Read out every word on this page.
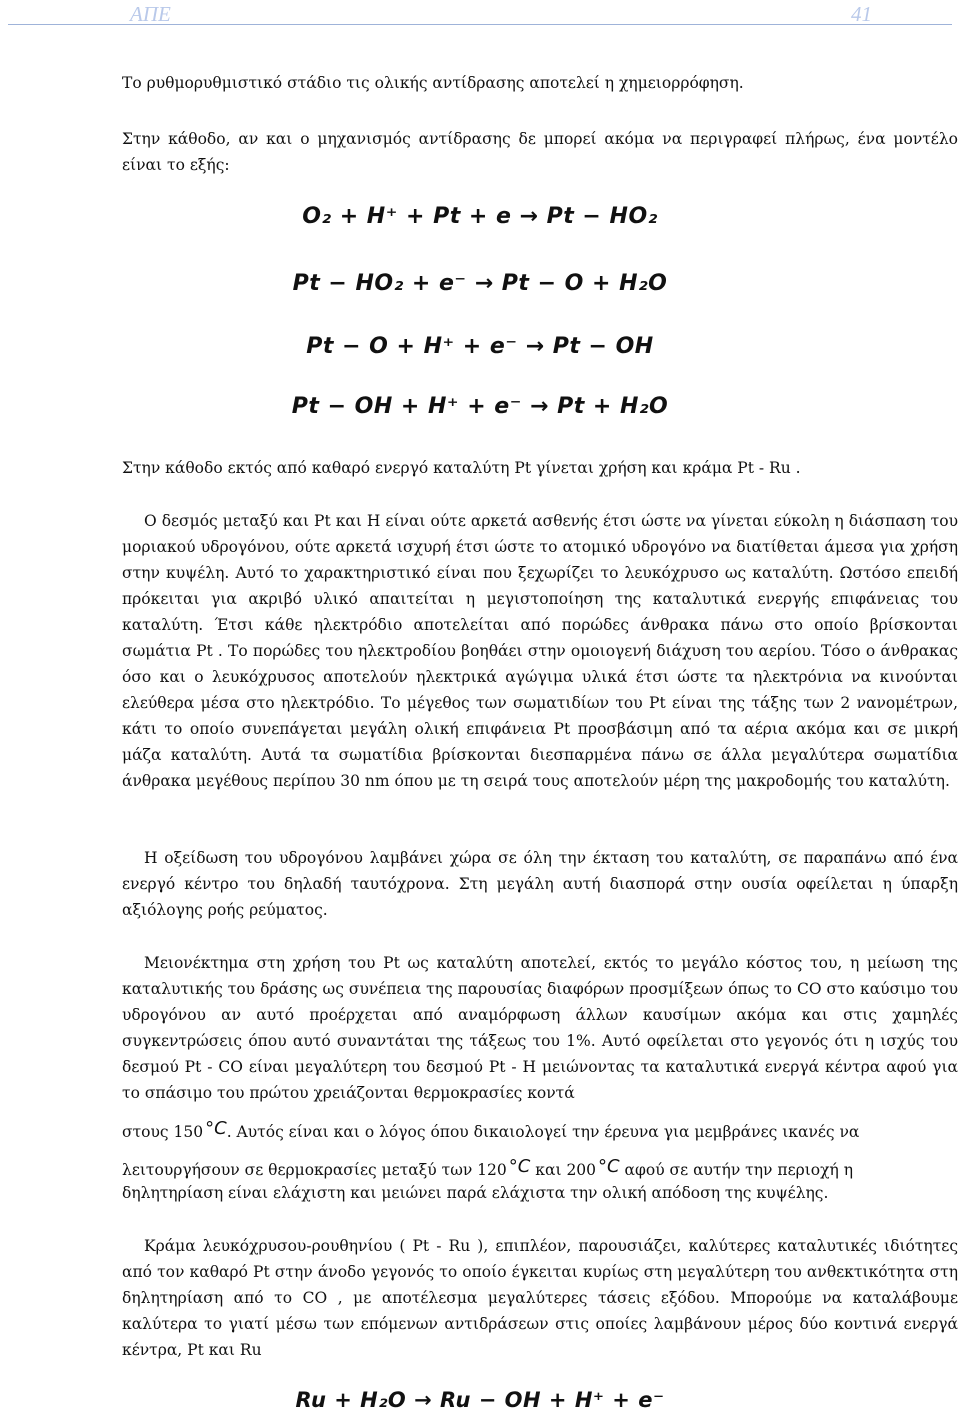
ΑΠΕ	41

Το ρυθμορυθμιστικό στάδιο τις ολικής αντίδρασης αποτελεί η χημειορρόφηση.

Στην κάθοδο, αν και ο μηχανισμός αντίδρασης δε μπορεί ακόμα να περιγραφεί πλήρως, ένα μοντέλο είναι το εξής:

O₂ + H⁺ + Pt + e → Pt − HO₂
Pt − HO₂ + e⁻ → Pt − O + H₂O
Pt − O + H⁺ + e⁻ → Pt − OH
Pt − OH + H⁺ + e⁻ → Pt + H₂O

Στην κάθοδο εκτός από καθαρό ενεργό καταλύτη Pt γίνεται χρήση και κράμα Pt - Ru .

Ο δεσμός μεταξύ και Pt και Η είναι ούτε αρκετά ασθενής έτσι ώστε να γίνεται εύκολη η διάσπαση του μοριακού υδρογόνου, ούτε αρκετά ισχυρή έτσι ώστε το ατομικό υδρογόνο να διατίθεται άμεσα για χρήση στην κυψέλη. Αυτό το χαρακτηριστικό είναι που ξεχωρίζει το λευκόχρυσο ως καταλύτη. Ωστόσο επειδή πρόκειται για ακριβό υλικό απαιτείται η μεγιστοποίηση της καταλυτικά ενεργής επιφάνειας του καταλύτη. Έτσι κάθε ηλεκτρόδιο αποτελείται από πορώδες άνθρακα πάνω στο οποίο βρίσκονται σωμάτια Pt . Το πορώδες του ηλεκτροδίου βοηθάει στην ομοιογενή διάχυση του αερίου. Τόσο ο άνθρακας όσο και ο λευκόχρυσος αποτελούν ηλεκτρικά αγώγιμα υλικά έτσι ώστε τα ηλεκτρόνια να κινούνται ελεύθερα μέσα στο ηλεκτρόδιο. Το μέγεθος των σωματιδίων του Pt είναι της τάξης των 2 νανομέτρων, κάτι το οποίο συνεπάγεται μεγάλη ολική επιφάνεια Pt προσβάσιμη από τα αέρια ακόμα και σε μικρή μάζα καταλύτη. Αυτά τα σωματίδια βρίσκονται διεσπαρμένα πάνω σε άλλα μεγαλύτερα σωματίδια άνθρακα μεγέθους περίπου 30 nm όπου με τη σειρά τους αποτελούν μέρη της μακροδομής του καταλύτη.

Η οξείδωση του υδρογόνου λαμβάνει χώρα σε όλη την έκταση του καταλύτη, σε παραπάνω από ένα ενεργό κέντρο του δηλαδή ταυτόχρονα. Στη μεγάλη αυτή διασπορά στην ουσία οφείλεται η ύπαρξη αξιόλογης ροής ρεύματος.

Μειονέκτημα στη χρήση του Pt ως καταλύτη αποτελεί, εκτός το μεγάλο κόστος του, η μείωση της καταλυτικής του δράσης ως συνέπεια της παρουσίας διαφόρων προσμίξεων όπως το CO στο καύσιμο του υδρογόνου αν αυτό προέρχεται από αναμόρφωση άλλων καυσίμων ακόμα και στις χαμηλές συγκεντρώσεις όπου αυτό συναντάται της τάξεως του 1%. Αυτό οφείλεται στο γεγονός ότι η ισχύς του δεσμού Pt - CO είναι μεγαλύτερη του δεσμού Pt - H μειώνοντας τα καταλυτικά ενεργά κέντρα αφού για το σπάσιμο του πρώτου χρειάζονται θερμοκρασίες κοντά

στους 150 °C. Αυτός είναι και ο λόγος όπου δικαιολογεί την έρευνα για μεμβράνες ικανές να

λειτουργήσουν σε θερμοκρασίες μεταξύ των 120 °C και 200 °C αφού σε αυτήν την περιοχή η

δηλητηρίαση είναι ελάχιστη και μειώνει παρά ελάχιστα την ολική απόδοση της κυψέλης.

Κράμα λευκόχρυσου-ρουθηνίου ( Pt - Ru ), επιπλέον, παρουσιάζει, καλύτερες καταλυτικές ιδιότητες από τον καθαρό Pt στην άνοδο γεγονός το οποίο έγκειται κυρίως στη μεγαλύτερη του ανθεκτικότητα στη δηλητηρίαση από το CO , με αποτέλεσμα μεγαλύτερες τάσεις εξόδου. Μπορούμε να καταλάβουμε καλύτερα το γιατί μέσω των επόμενων αντιδράσεων στις οποίες λαμβάνουν μέρος δύο κοντινά ενεργά κέντρα, Pt και Ru

Ru + H₂O → Ru − OH + H⁺ + e⁻
